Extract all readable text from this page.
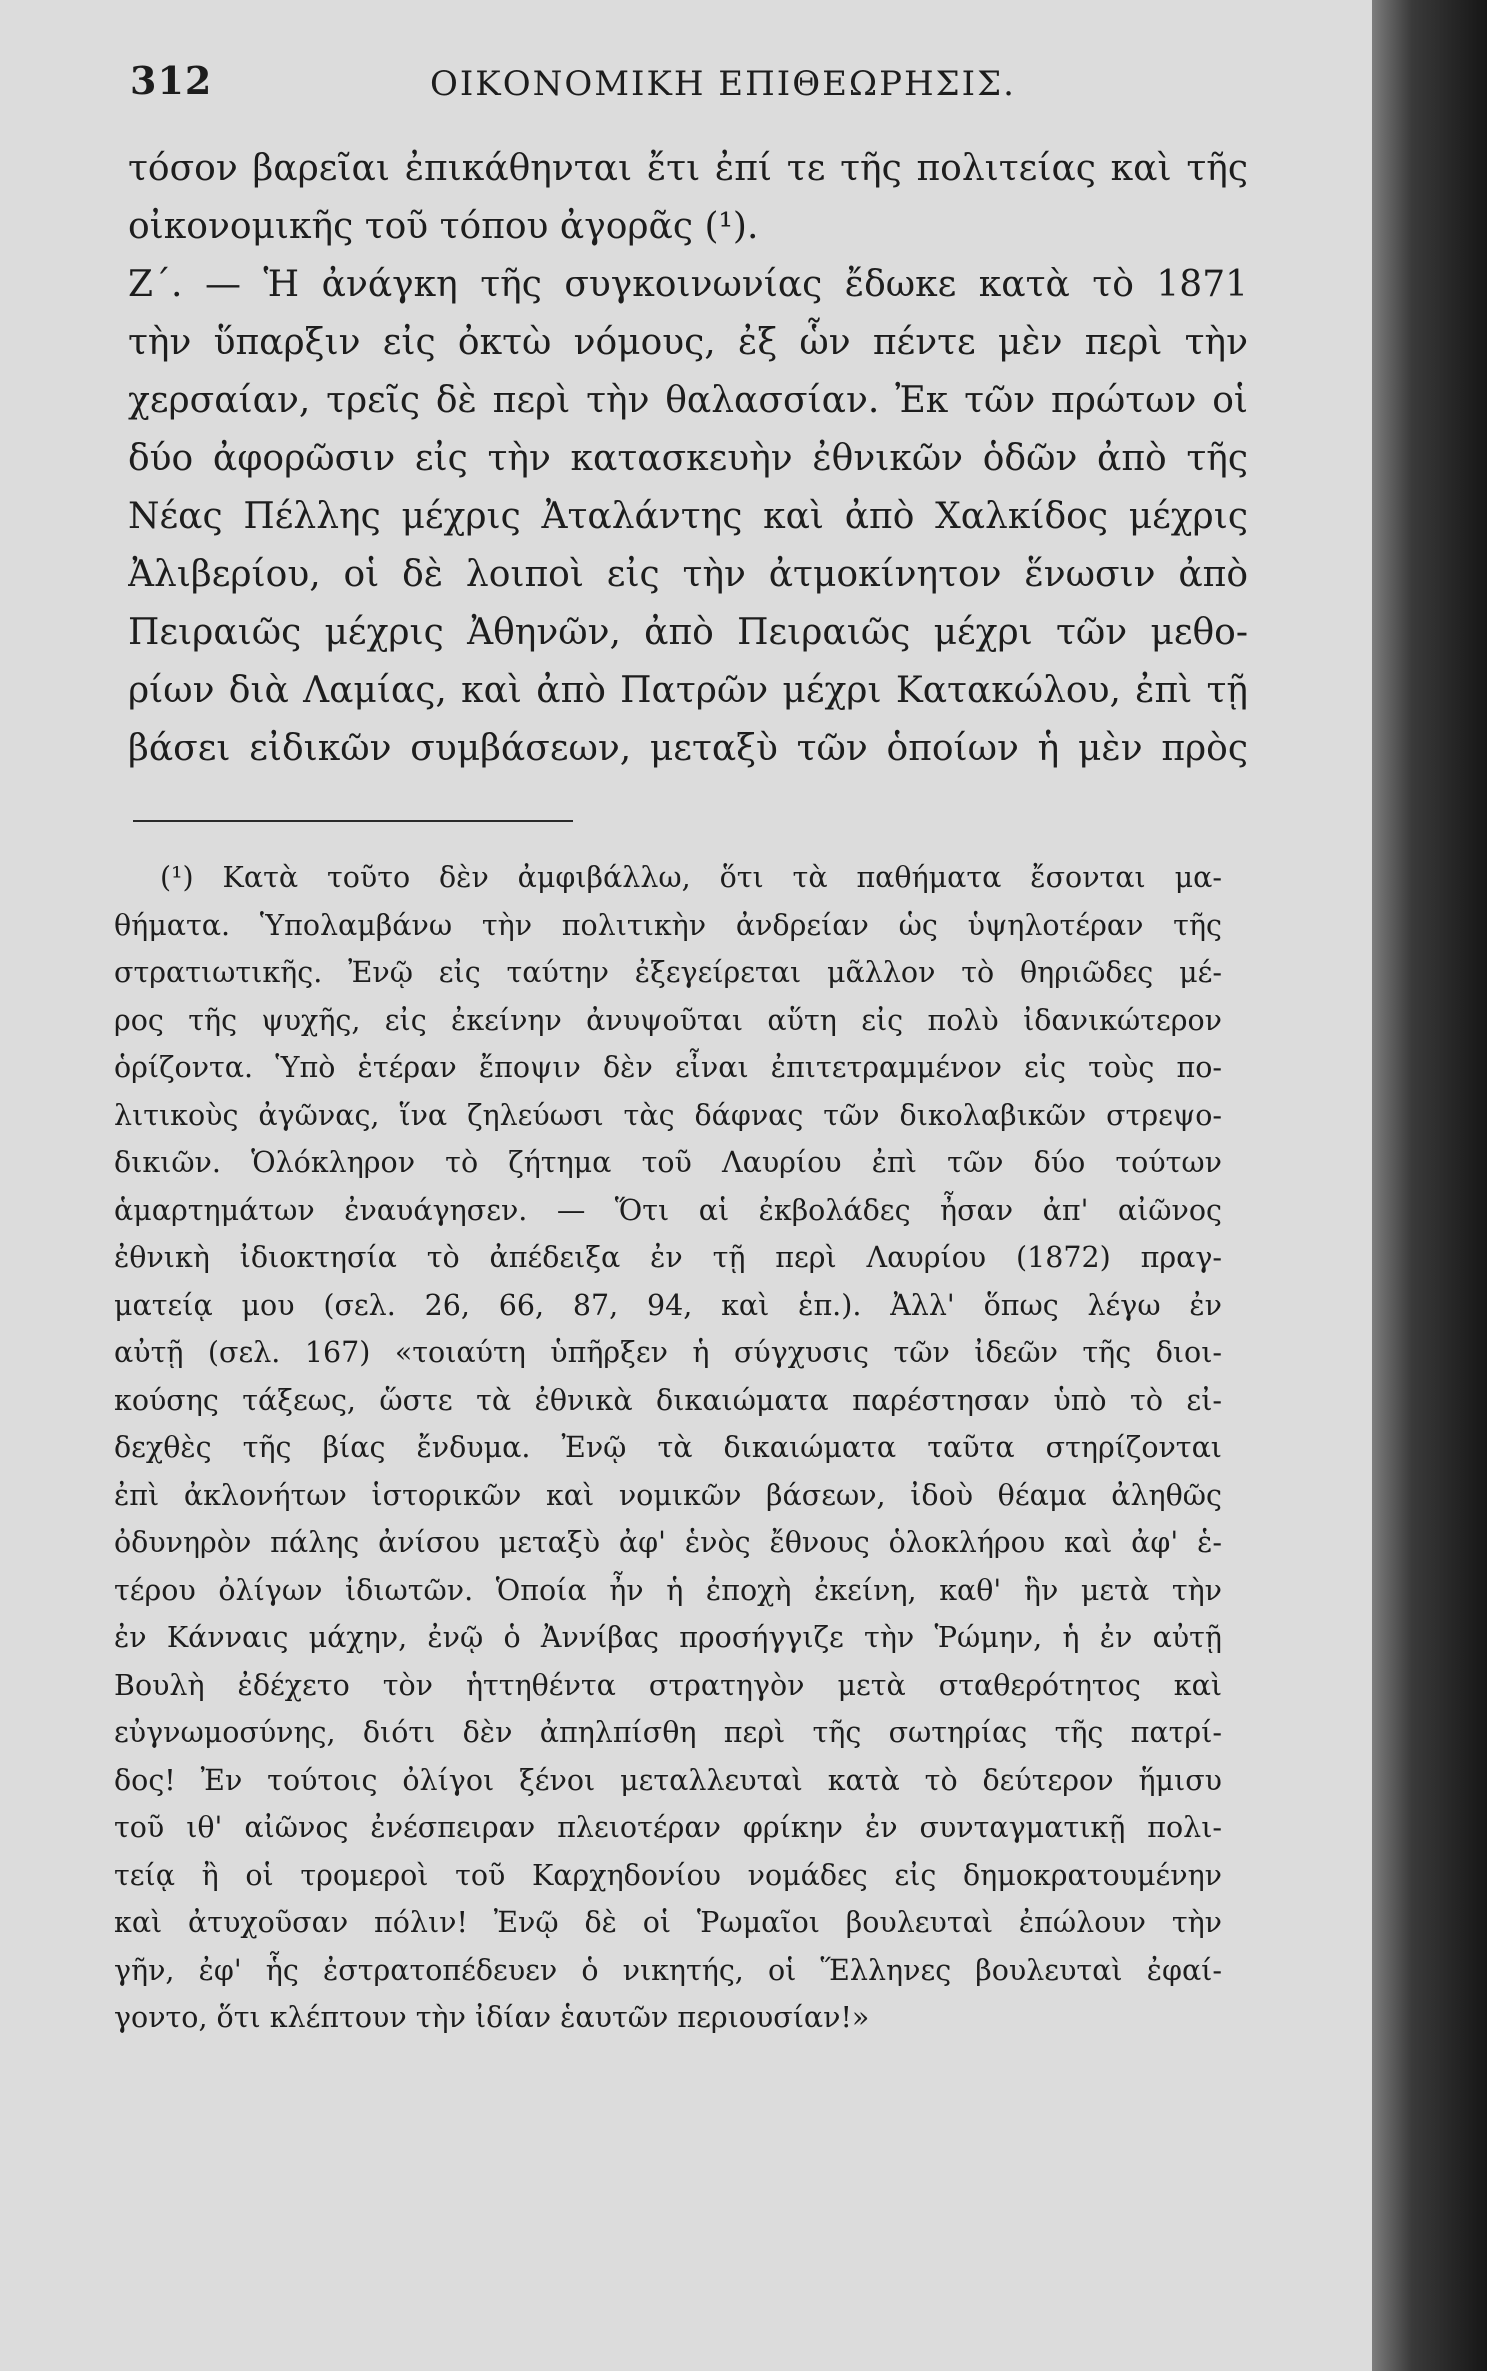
312	ΟΙΚΟΝΟΜΙΚΗ ΕΠΙΘΕΩΡΗΣΙΣ.
τόσον βαρεῖαι ἐπικάθηνται ἔτι ἐπί τε τῆς πολιτείας καὶ τῆς
οἰκονομικῆς τοῦ τόπου ἀγορᾶς (¹).
Ζ΄. — Ἡ ἀνάγκη τῆς συγκοινωνίας ἔδωκε κατὰ τὸ 1871
τὴν ὕπαρξιν εἰς ὀκτὼ νόμους, ἐξ ὧν πέντε μὲν περὶ τὴν
χερσαίαν, τρεῖς δὲ περὶ τὴν θαλασσίαν. Ἐκ τῶν πρώτων οἱ
δύο ἀφορῶσιν εἰς τὴν κατασκευὴν ἐθνικῶν ὁδῶν ἀπὸ τῆς
Νέας Πέλλης μέχρις Ἀταλάντης καὶ ἀπὸ Χαλκίδος μέχρις
Ἀλιβερίου, οἱ δὲ λοιποὶ εἰς τὴν ἀτμοκίνητον ἕνωσιν ἀπὸ
Πειραιῶς μέχρις Ἀθηνῶν, ἀπὸ Πειραιῶς μέχρι τῶν μεθο-
ρίων διὰ Λαμίας, καὶ ἀπὸ Πατρῶν μέχρι Κατακώλου, ἐπὶ τῇ
βάσει εἰδικῶν συμβάσεων, μεταξὺ τῶν ὁποίων ἡ μὲν πρὸς
(¹) Κατὰ τοῦτο δὲν ἀμφιβάλλω, ὅτι τὰ παθήματα ἔσονται μα-
θήματα. Ὑπολαμβάνω τὴν πολιτικὴν ἀνδρείαν ὡς ὑψηλοτέραν τῆς
στρατιωτικῆς. Ἐνῷ εἰς ταύτην ἐξεγείρεται μᾶλλον τὸ θηριῶδες μέ-
ρος τῆς ψυχῆς, εἰς ἐκείνην ἀνυψοῦται αὕτη εἰς πολὺ ἰδανικώτερον
ὁρίζοντα. Ὑπὸ ἑτέραν ἔποψιν δὲν εἶναι ἐπιτετραμμένον εἰς τοὺς πο-
λιτικοὺς ἀγῶνας, ἵνα ζηλεύωσι τὰς δάφνας τῶν δικολαβικῶν στρεψο-
δικιῶν. Ὁλόκληρον τὸ ζήτημα τοῦ Λαυρίου ἐπὶ τῶν δύο τούτων
ἁμαρτημάτων ἐναυάγησεν. — Ὅτι αἱ ἐκβολάδες ἦσαν ἀπ' αἰῶνος
ἐθνικὴ ἰδιοκτησία τὸ ἀπέδειξα ἐν τῇ περὶ Λαυρίου (1872) πραγ-
ματείᾳ μου (σελ. 26, 66, 87, 94, καὶ ἑπ.). Ἀλλ' ὅπως λέγω ἐν
αὐτῇ (σελ. 167) «τοιαύτη ὑπῆρξεν ἡ σύγχυσις τῶν ἰδεῶν τῆς διοι-
κούσης τάξεως, ὥστε τὰ ἐθνικὰ δικαιώματα παρέστησαν ὑπὸ τὸ εἰ-
δεχθὲς τῆς βίας ἔνδυμα. Ἐνῷ τὰ δικαιώματα ταῦτα στηρίζονται
ἐπὶ ἀκλονήτων ἱστορικῶν καὶ νομικῶν βάσεων, ἰδοὺ θέαμα ἀληθῶς
ὀδυνηρὸν πάλης ἀνίσου μεταξὺ ἀφ' ἑνὸς ἔθνους ὁλοκλήρου καὶ ἀφ' ἑ-
τέρου ὀλίγων ἰδιωτῶν. Ὁποία ἦν ἡ ἐποχὴ ἐκείνη, καθ' ἣν μετὰ τὴν
ἐν Κάνναις μάχην, ἐνῷ ὁ Ἀννίβας προσήγγιζε τὴν Ῥώμην, ἡ ἐν αὐτῇ
Βουλὴ ἐδέχετο τὸν ἡττηθέντα στρατηγὸν μετὰ σταθερότητος καὶ
εὐγνωμοσύνης, διότι δὲν ἀπηλπίσθη περὶ τῆς σωτηρίας τῆς πατρί-
δος! Ἐν τούτοις ὀλίγοι ξένοι μεταλλευταὶ κατὰ τὸ δεύτερον ἥμισυ
τοῦ ιθ' αἰῶνος ἐνέσπειραν πλειοτέραν φρίκην ἐν συνταγματικῇ πολι-
τείᾳ ἢ οἱ τρομεροὶ τοῦ Καρχηδονίου νομάδες εἰς δημοκρατουμένην
καὶ ἀτυχοῦσαν πόλιν! Ἐνῷ δὲ οἱ Ῥωμαῖοι βουλευταὶ ἐπώλουν τὴν
γῆν, ἐφ' ἧς ἐστρατοπέδευεν ὁ νικητής, οἱ Ἕλληνες βουλευταὶ ἐφαί-
γοντο, ὅτι κλέπτουν τὴν ἰδίαν ἑαυτῶν περιουσίαν!»
